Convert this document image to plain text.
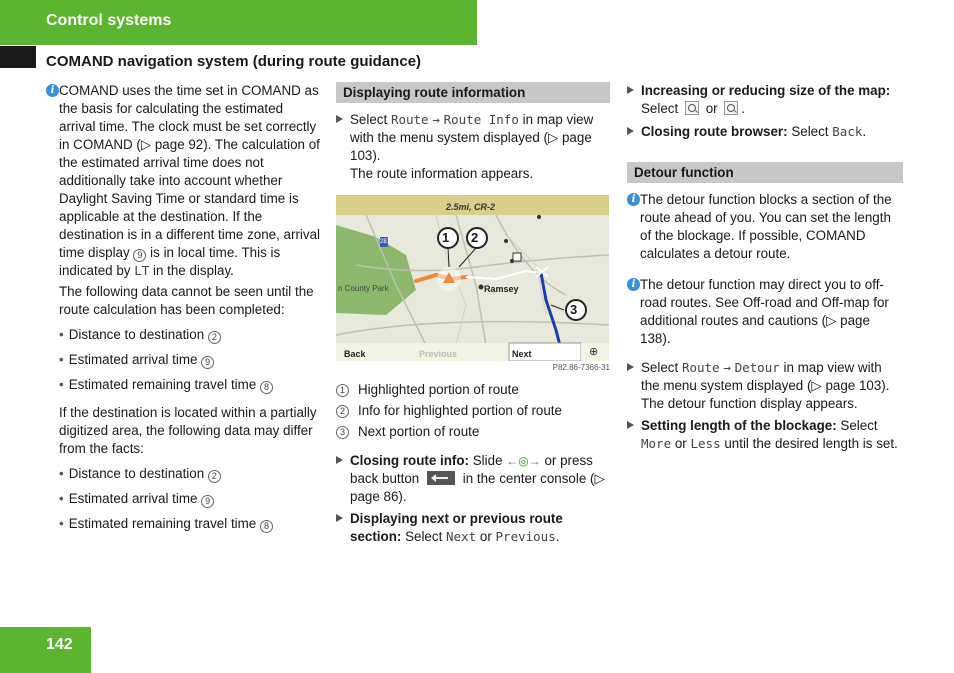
Control systems
COMAND navigation system (during route guidance)
i COMAND uses the time set in COMAND as the basis for calculating the estimated arrival time. The clock must be set correctly in COMAND (▷ page 92). The calculation of the estimated arrival time does not additionally take into account whether Daylight Saving Time or standard time is applicable at the destination. If the destination is in a different time zone, arrival time display 9 is in local time. This is indicated by LT in the display.
The following data cannot be seen until the route calculation has been completed:
• Distance to destination 2
• Estimated arrival time 9
• Estimated remaining travel time 8
If the destination is located within a partially digitized area, the following data may differ from the facts:
• Distance to destination 2
• Estimated arrival time 9
• Estimated remaining travel time 8
Displaying route information
Select Route → Route Info in map view with the menu system displayed (▷ page 103).
The route information appears.
2.5mi, CR-2
287	1 2
3
Ramsey
n County Park
Back	Previous	Next	⊕
P82.86-7366-31
1 Highlighted portion of route
2 Info for highlighted portion of route
3 Next portion of route
Closing route info: Slide ←◎→ or press back button	in the center console (▷ page 86).
Displaying next or previous route section: Select Next or Previous.
Increasing or reducing size of the map: Select or .
Closing route browser: Select Back.
Detour function
i The detour function blocks a section of the route ahead of you. You can set the length of the blockage. If possible, COMAND calculates a detour route.
i The detour function may direct you to off-road routes. See Off-road and Off-map for additional routes and cautions (▷ page 138).
Select Route → Detour in map view with the menu system displayed (▷ page 103).
The detour function display appears.
Setting length of the blockage: Select More or Less until the desired length is set.
142
